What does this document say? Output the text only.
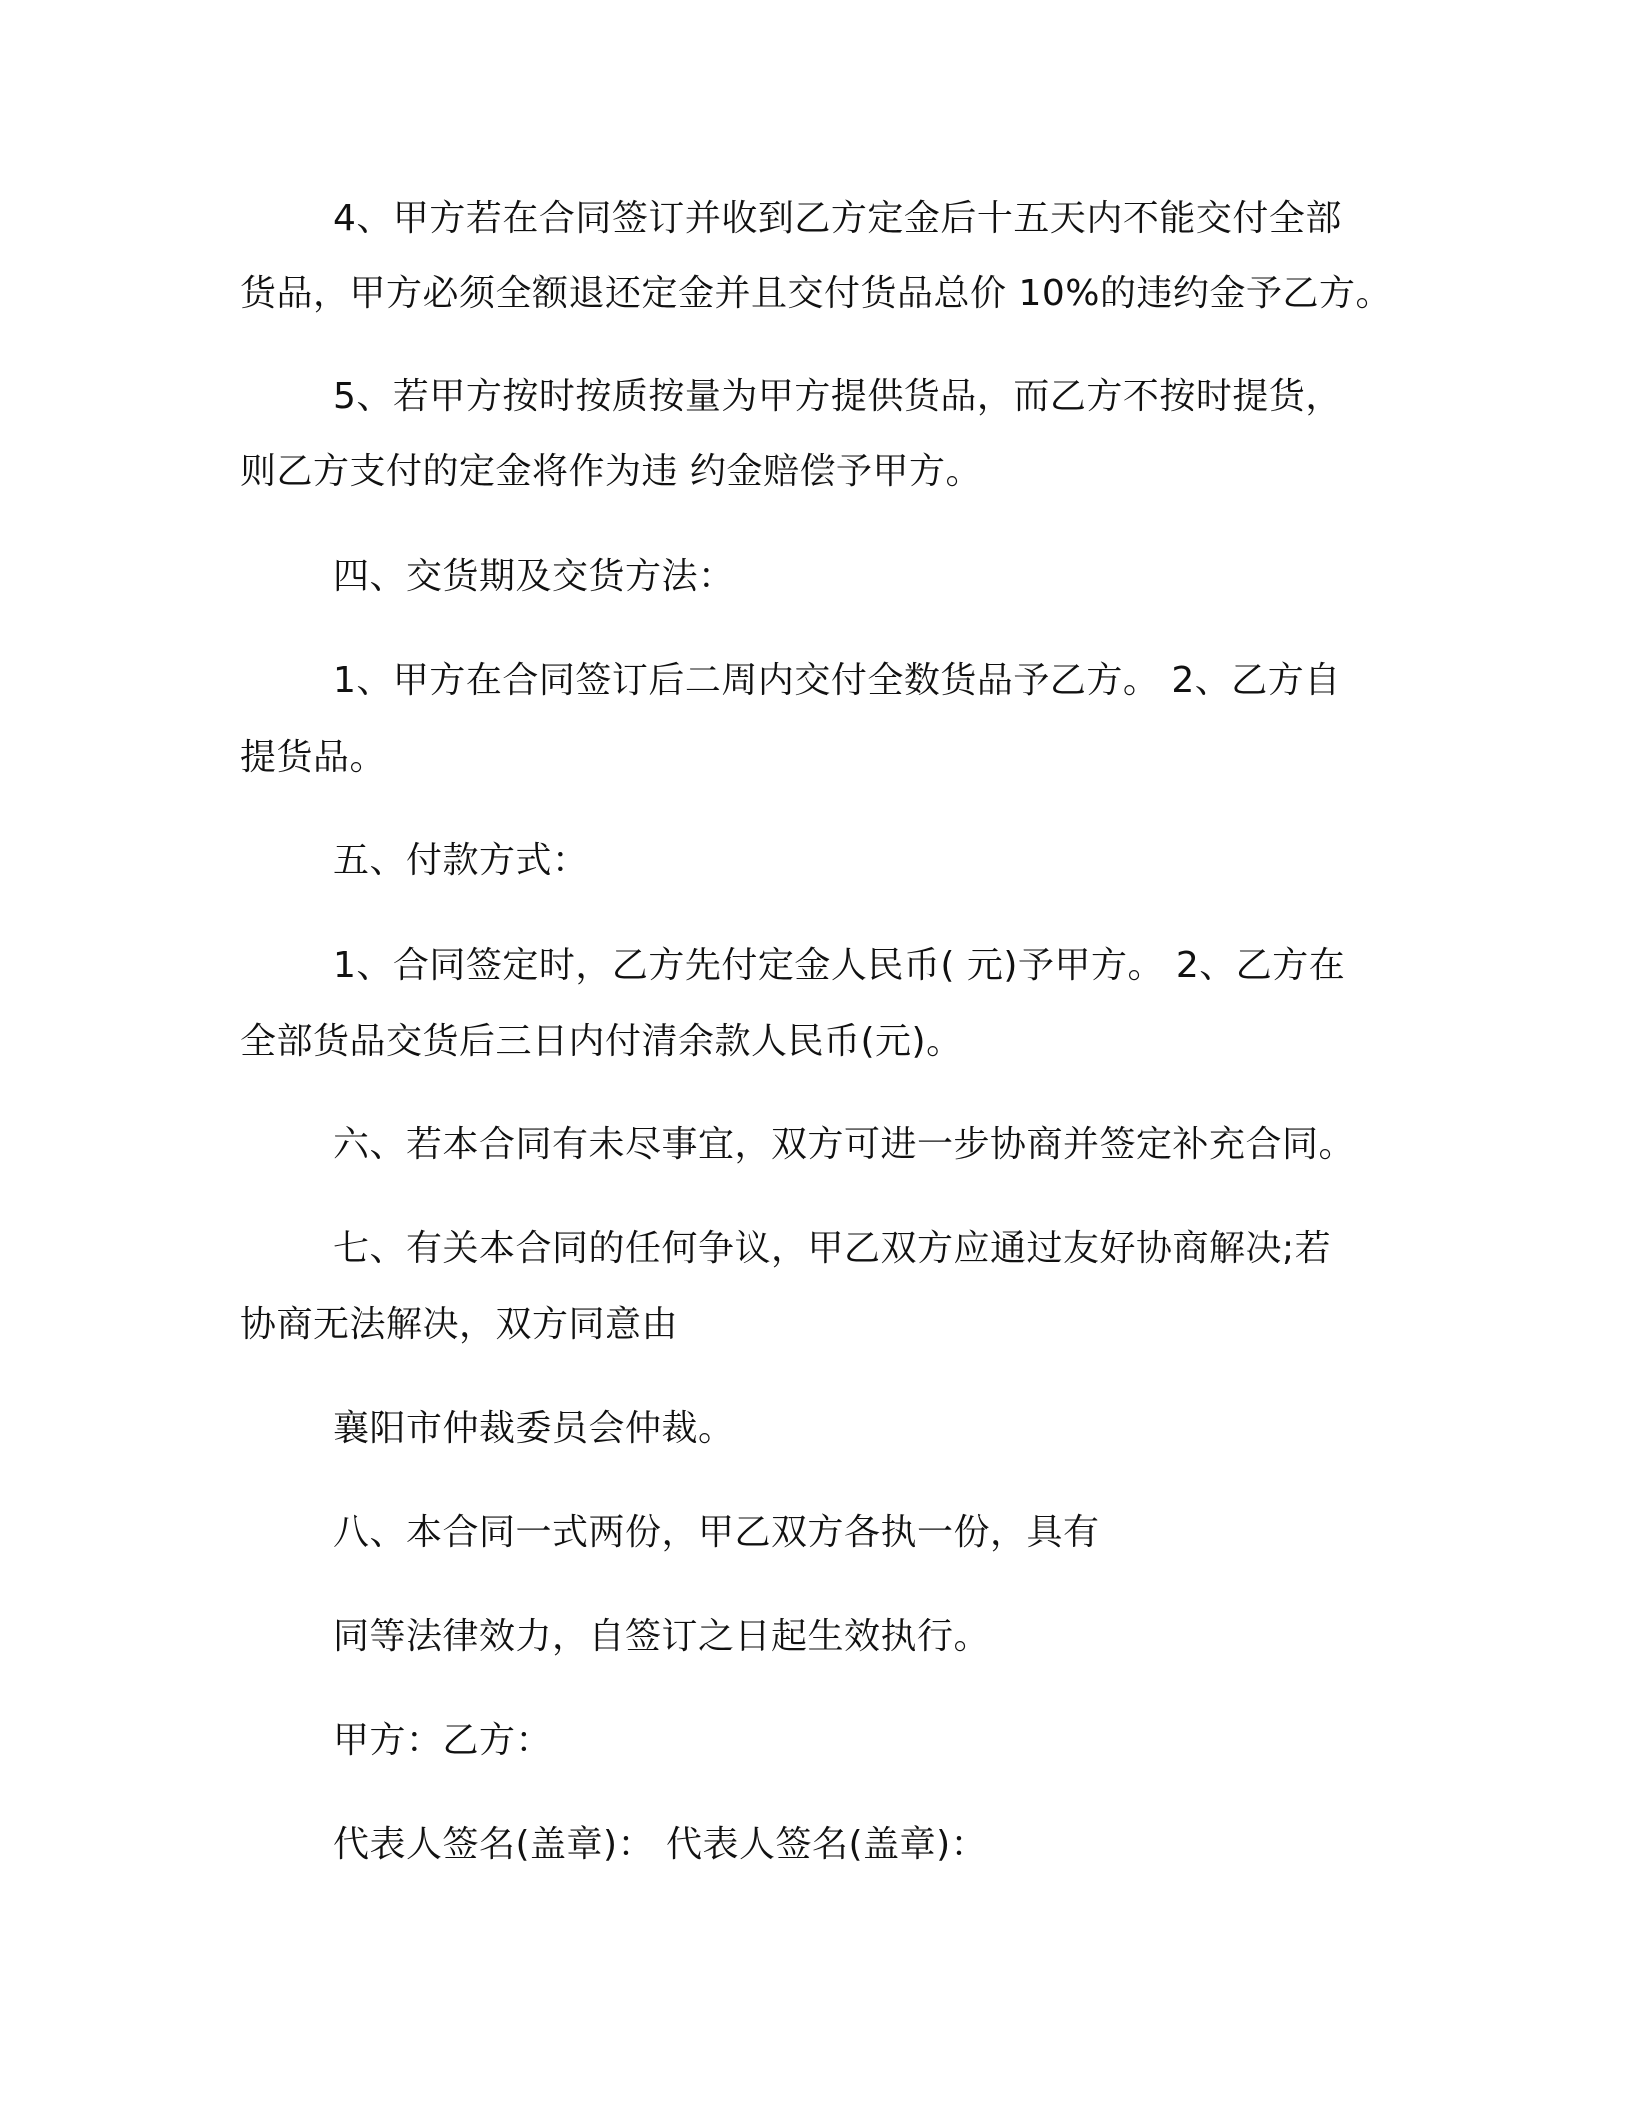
4、甲方若在合同签订并收到乙方定金后十五天内不能交付全部
货品，甲方必须全额退还定金并且交付货品总价 10%的违约金予乙方。
5、若甲方按时按质按量为甲方提供货品，而乙方不按时提货，
则乙方支付的定金将作为违 约金赔偿予甲方。
四、交货期及交货方法：
1、甲方在合同签订后二周内交付全数货品予乙方。 2、乙方自
提货品。
五、付款方式：
1、合同签定时，乙方先付定金人民币( 元)予甲方。 2、乙方在
全部货品交货后三日内付清余款人民币(元)。
六、若本合同有未尽事宜，双方可进一步协商并签定补充合同。
七、有关本合同的任何争议，甲乙双方应通过友好协商解决;若
协商无法解决，双方同意由
襄阳市仲裁委员会仲裁。
八、本合同一式两份，甲乙双方各执一份，具有
同等法律效力，自签订之日起生效执行。
甲方：乙方：
代表人签名(盖章)： 代表人签名(盖章)：
